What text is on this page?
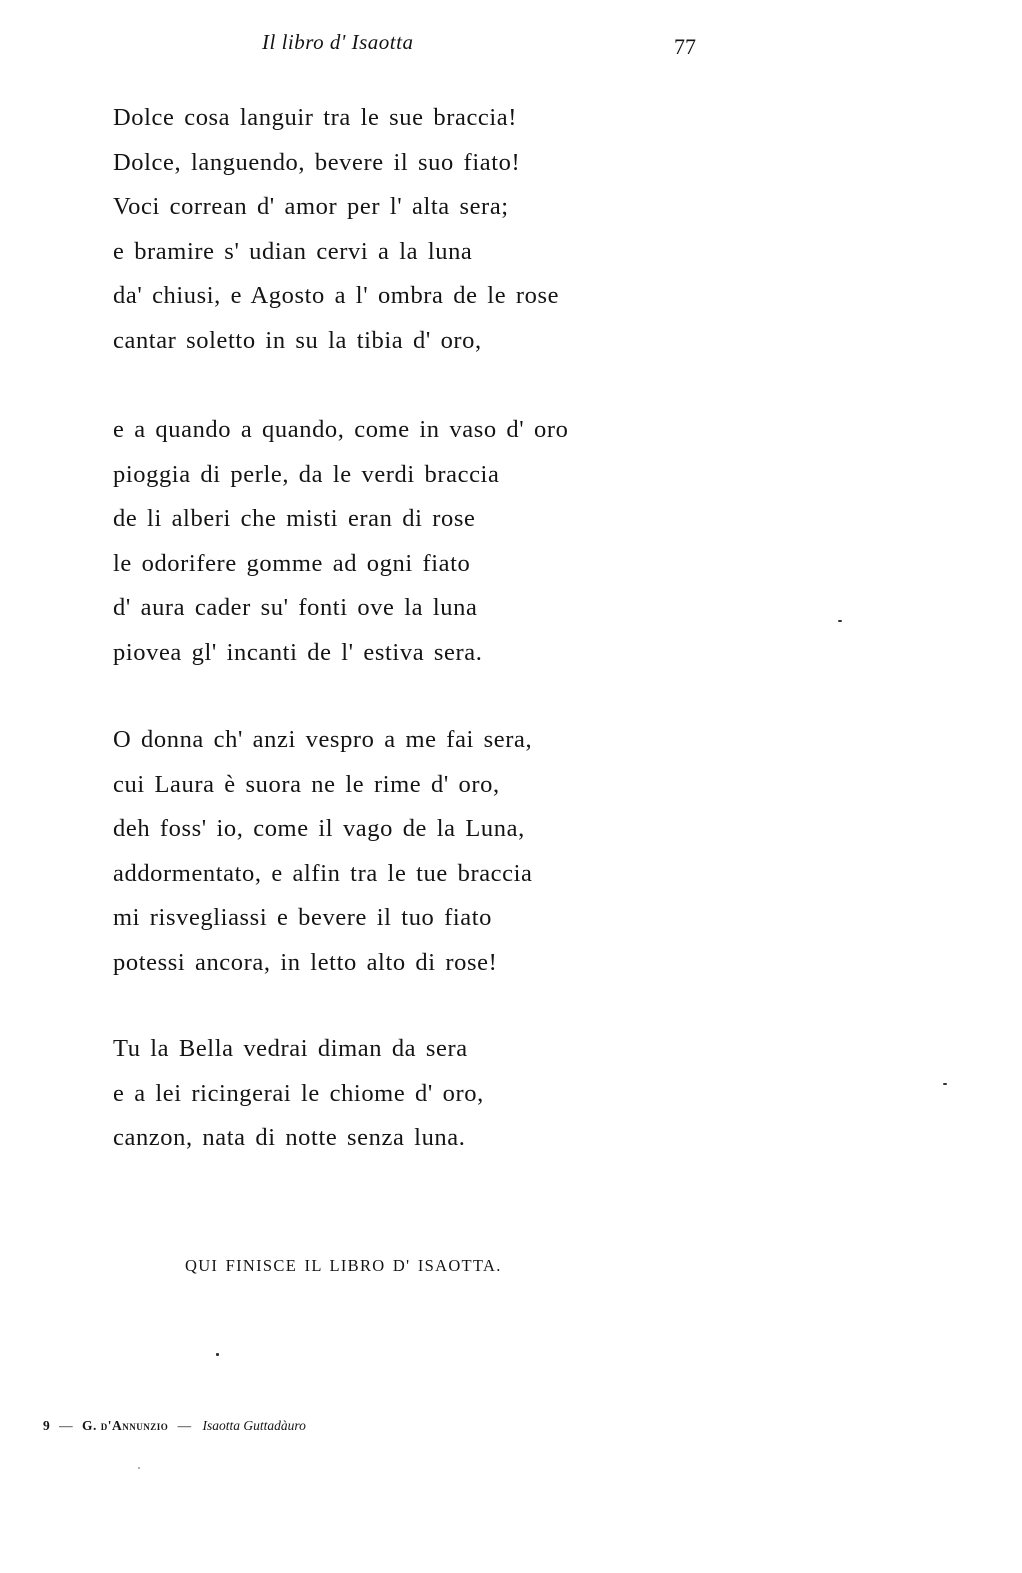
Il libro d' Isaotta	77
Dolce cosa languir tra le sue braccia!
Dolce, languendo, bevere il suo fiato!
Voci correan d' amor per l' alta sera;
e bramire s' udian cervi a la luna
da' chiusi, e Agosto a l' ombra de le rose
cantar soletto in su la tibia d' oro,
e a quando a quando, come in vaso d' oro
pioggia di perle, da le verdi braccia
de li alberi che misti eran di rose
le odorifere gomme ad ogni fiato
d' aura cader su' fonti ove la luna
piovea gl' incanti de l' estiva sera.
O donna ch' anzi vespro a me fai sera,
cui Laura è suora ne le rime d' oro,
deh foss' io, come il vago de la Luna,
addormentato, e alfin tra le tue braccia
mi risvegliassi e bevere il tuo fiato
potessi ancora, in letto alto di rose!
Tu la Bella vedrai diman da sera
e a lei ricingerai le chiome d' oro,
canzon, nata di notte senza luna.
QUI FINISCE IL LIBRO D' ISAOTTA.
9 — G. d'Annunzio — Isaotta Guttadàuro
